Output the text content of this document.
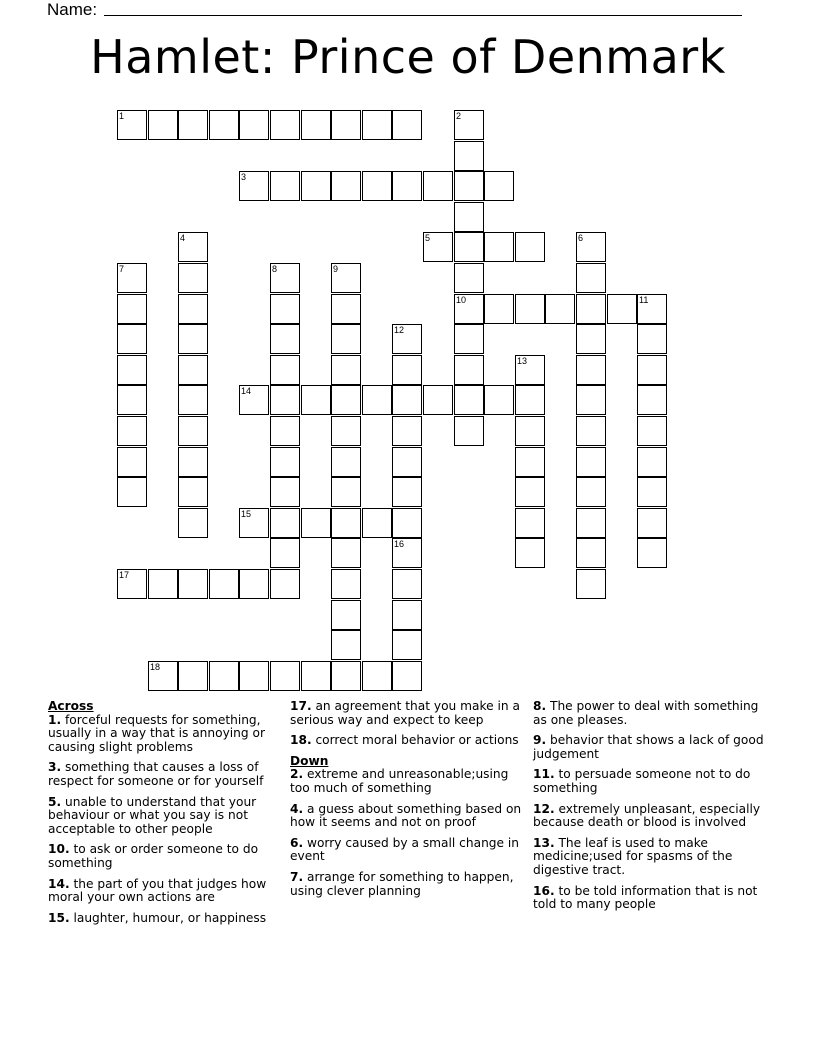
Name:
Hamlet: Prince of Denmark
1	2
10
3
4	5	6
7	8	9
11
12
13
14
15
16
17
18
Across
1. forceful requests for something, usually in a way that is annoying or causing slight problems
3. something that causes a loss of respect for someone or for yourself
5. unable to understand that your behaviour or what you say is not acceptable to other people
10. to ask or order someone to do something
14. the part of you that judges how moral your own actions are
15. laughter, humour, or happiness
17. an agreement that you make in a serious way and expect to keep
18. correct moral behavior or actions
Down
2. extreme and unreasonable;using too much of something
4. a guess about something based on how it seems and not on proof
6. worry caused by a small change in event
7. arrange for something to happen, using clever planning
8. The power to deal with something as one pleases.
9. behavior that shows a lack of good judgement
11. to persuade someone not to do something
12. extremely unpleasant, especially because death or blood is involved
13. The leaf is used to make medicine;used for spasms of the digestive tract.
16. to be told information that is not told to many people
